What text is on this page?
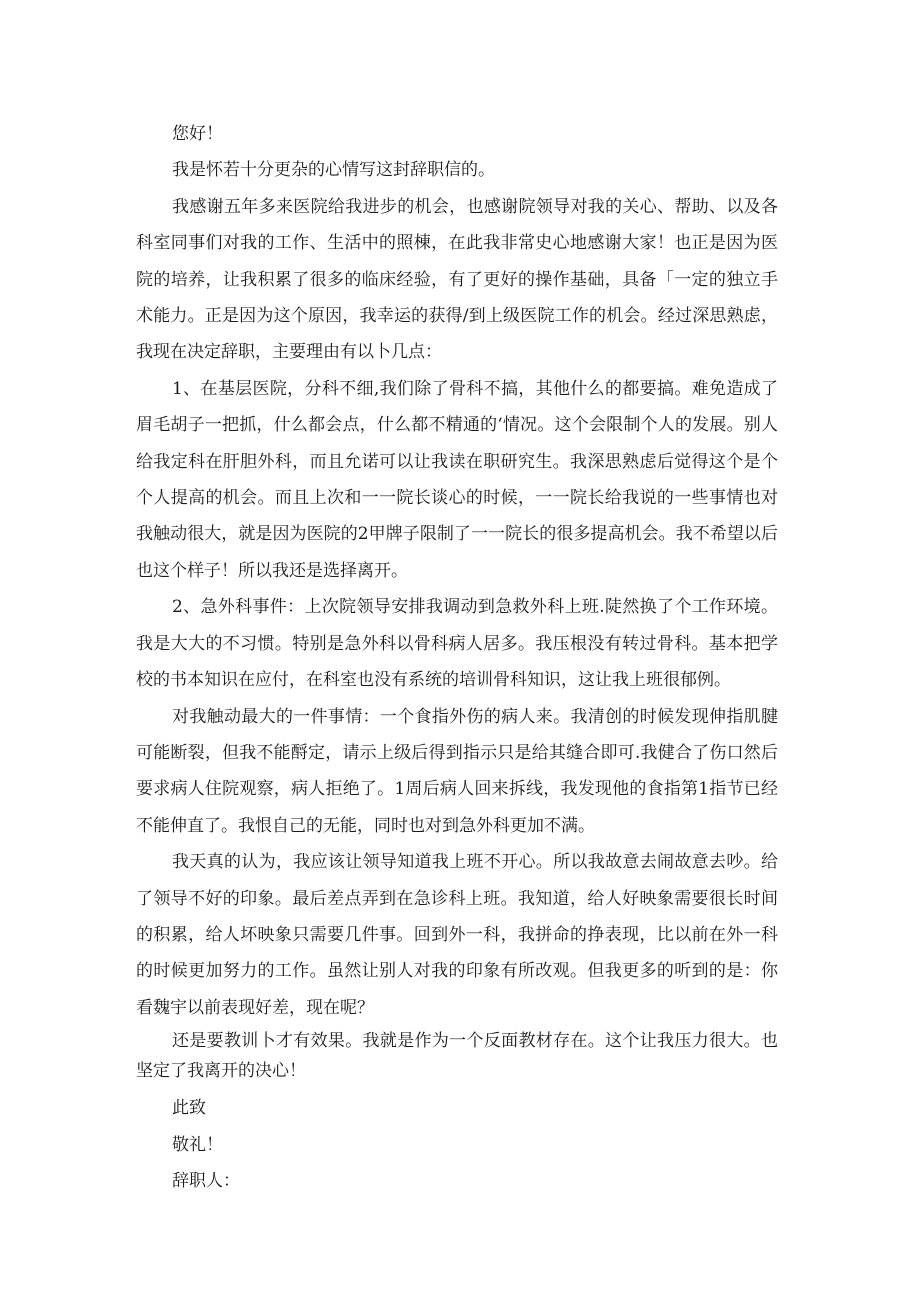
您好！

我是怀若十分更杂的心情写这封辞职信的。

我感谢五年多来医院给我进步的机会，也感谢院领导对我的关心、帮助、以及各科室同事们对我的工作、生活中的照棟，在此我非常史心地感谢大家！也正是因为医院的培养，让我积累了很多的临床经验，有了更好的操作基础，具备「一定的独立手术能力。正是因为这个原因，我幸运的获得/到上级医院工作的机会。经过深思熟虑，我现在决定辞职，主要理由有以卜几点：

1、在基层医院，分科不细,我们除了骨科不搞，其他什么的都要搞。难免造成了眉毛胡子一把抓，什么都会点，什么都不精通的‘情况。这个会限制个人的发展。别人给我定科在肝胆外科，而且允诺可以让我读在职研究生。我深思熟虑后觉得这个是个个人提高的机会。而且上次和一一院长谈心的时候，一一院长给我说的一些事情也对我触动很大，就是因为医院的2甲牌子限制了一一院长的很多提高机会。我不希望以后也这个样子！所以我还是选择离开。

2、急外科事件：上次院领导安排我调动到急救外科上班.陡然换了个工作环境。我是大大的不习惯。特别是急外科以骨科病人居多。我压根没有转过骨科。基本把学校的书本知识在应付，在科室也没有系统的培训骨科知识，这让我上班很郁例。

对我触动最大的一件事情：一个食指外伤的病人来。我清创的时候发现伸指肌腱可能断裂，但我不能酹定，请示上级后得到指示只是给其缝合即可.我健合了伤口然后要求病人住院观察，病人拒绝了。1周后病人回来拆线，我发现他的食指第1指节已经不能伸直了。我恨自己的无能，同时也对到急外科更加不满。

我天真的认为，我应该让领导知道我上班不开心。所以我故意去闹故意去吵。给了领导不好的印象。最后差点弄到在急诊科上班。我知道，给人好映象需要很长时间的积累，给人坏映象只需要几件事。回到外一科，我拼命的挣表现，比以前在外一科的时候更加努力的工作。虽然让别人对我的印象有所改观。但我更多的听到的是：你看魏宇以前表现好差，现在呢？

还是要教训卜才有效果。我就是作为一个反面教材存在。这个让我压力很大。也坚定了我离开的决心！

此致

敬礼！

辞职人：
